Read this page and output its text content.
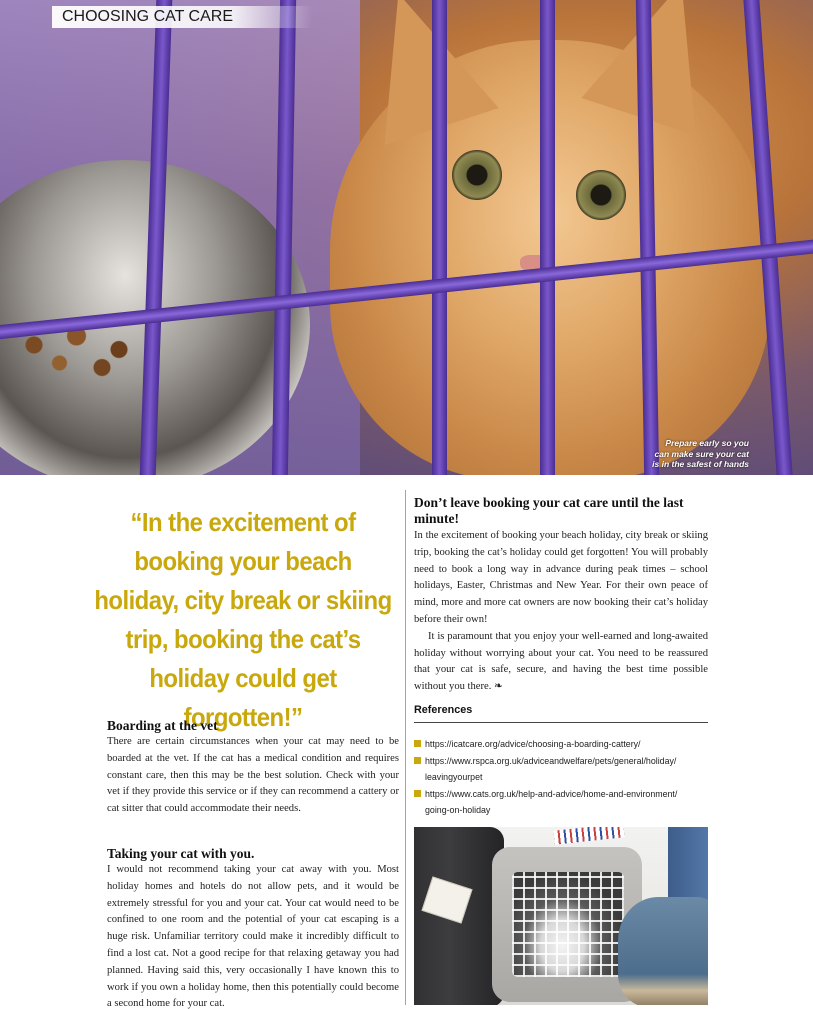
Prepare early so you
can make sure your cat
is in the safest of hands
CHOOSING CAT CARE
“In the excitement of booking your beach holiday, city break or skiing trip, booking the cat’s holiday could get forgotten!”
Boarding at the vet

There are certain circumstances when your cat may need to be boarded at the vet. If the cat has a medical condition and requires constant care, then this may be the best solution. Check with your vet if they provide this service or if they can recommend a cattery or cat sitter that could accommodate their needs.

Taking your cat with you.

I would not recommend taking your cat away with you. Most holiday homes and hotels do not allow pets, and it would be extremely stressful for you and your cat. Your cat would need to be confined to one room and the potential of your cat escaping is a huge risk. Unfamiliar territory could make it incredibly difficult to find a lost cat. Not a good recipe for that relaxing getaway you had planned. Having said this, very occasionally I have known this to work if you own a holiday home, then this potentially could become a second home for your cat.

Don’t leave booking your cat care until the last minute!

In the excitement of booking your beach holiday, city break or skiing trip, booking the cat’s holiday could get forgotten! You will probably need to book a long way in advance during peak times – school holidays, Easter, Christmas and New Year. For their own peace of mind, more and more cat owners are now booking their cat’s holiday before their own!

It is paramount that you enjoy your well-earned and long-awaited holiday without worrying about your cat. You need to be reassured that your cat is safe, secure, and having the best time possible without you there. ❧

References
https://icatcare.org/advice/choosing-a-boarding-cattery/
https://www.rspca.org.uk/adviceandwelfare/pets/general/holiday/ leavingyourpet
https://www.cats.org.uk/help-and-advice/home-and-environment/ going-on-holiday
